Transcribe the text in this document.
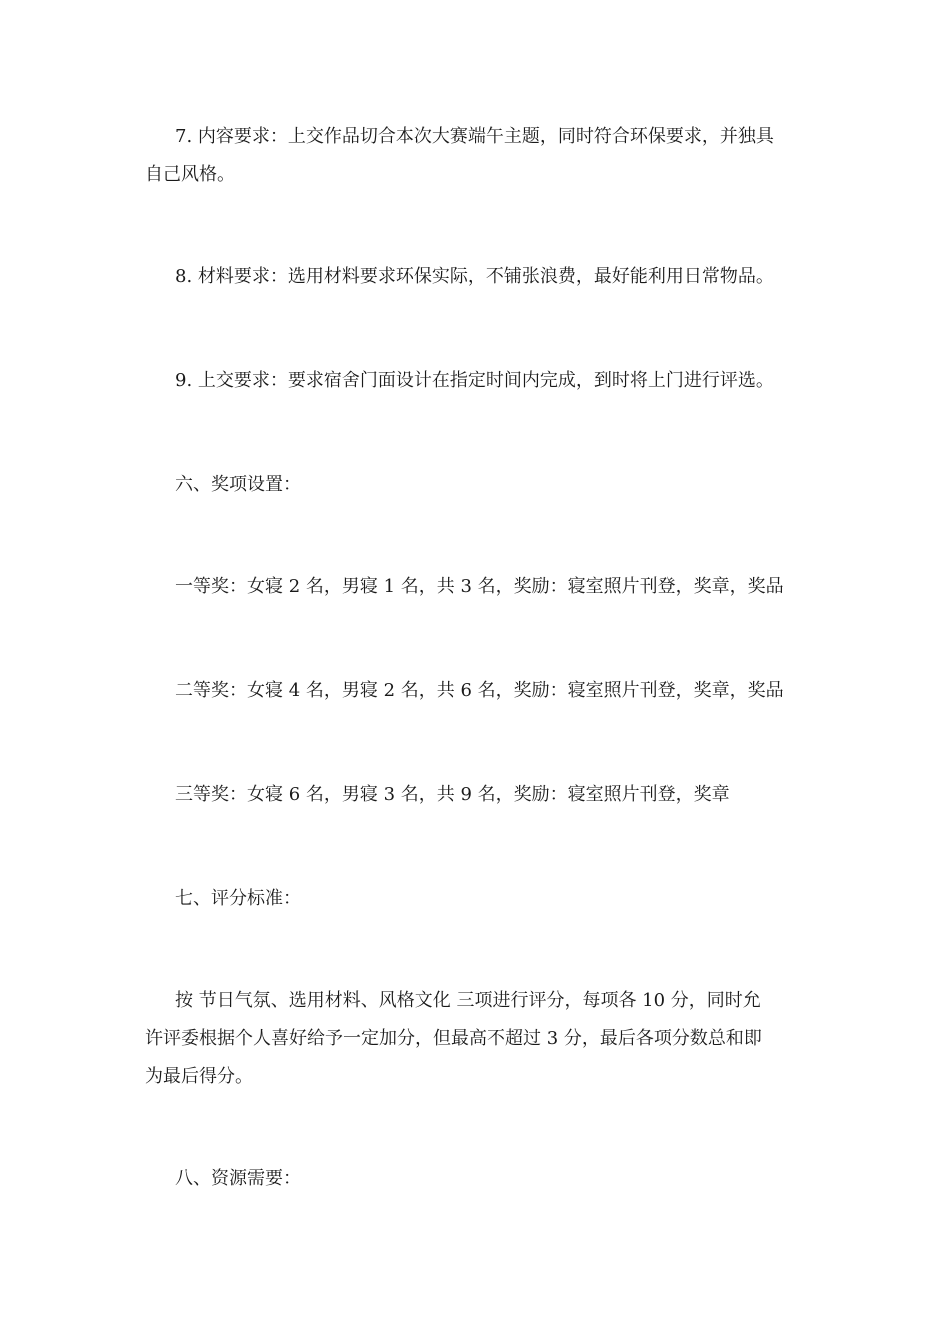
7. 内容要求：上交作品切合本次大赛端午主题，同时符合环保要求，并独具
自己风格。

8. 材料要求：选用材料要求环保实际，不铺张浪费，最好能利用日常物品。

9. 上交要求：要求宿舍门面设计在指定时间内完成，到时将上门进行评选。

六、奖项设置：

一等奖：女寝 2 名，男寝 1 名，共 3 名，奖励：寝室照片刊登，奖章，奖品

二等奖：女寝 4 名，男寝 2 名，共 6 名，奖励：寝室照片刊登，奖章，奖品

三等奖：女寝 6 名，男寝 3 名，共 9 名，奖励：寝室照片刊登，奖章

七、评分标准：

按 节日气氛、选用材料、风格文化 三项进行评分，每项各 10 分，同时允
许评委根据个人喜好给予一定加分，但最高不超过 3 分，最后各项分数总和即
为最后得分。

八、资源需要：
